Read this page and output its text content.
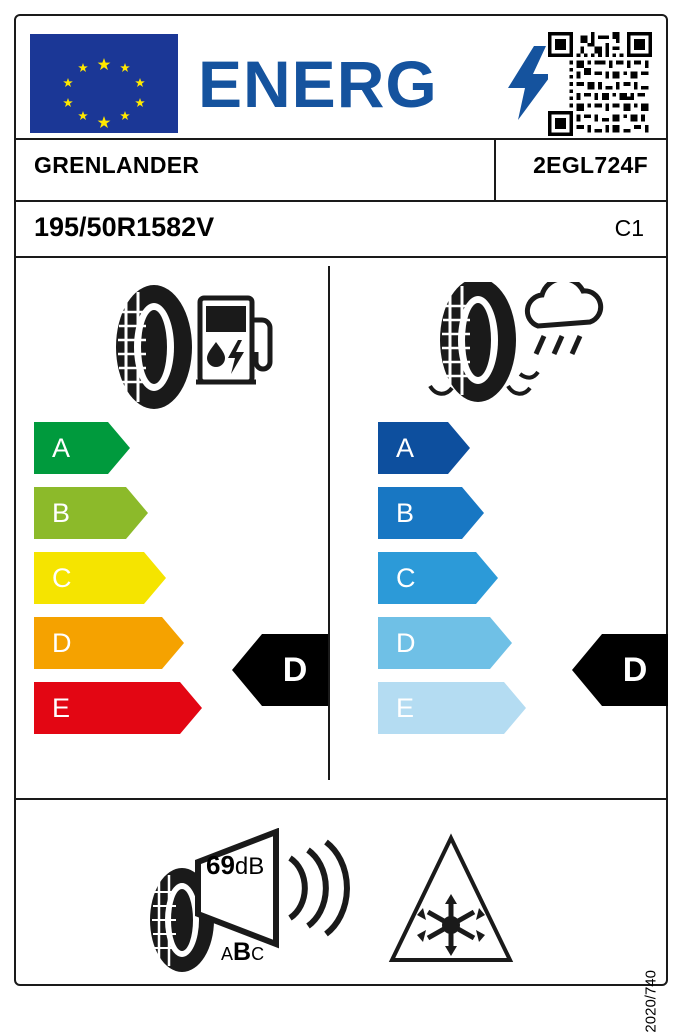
ENERG
GRENLANDER	2EGL724F
195/50R1582V	C1
A
B
C
D
E
A
B
C
D
E
D	D
69dB
ABC
2020/740
